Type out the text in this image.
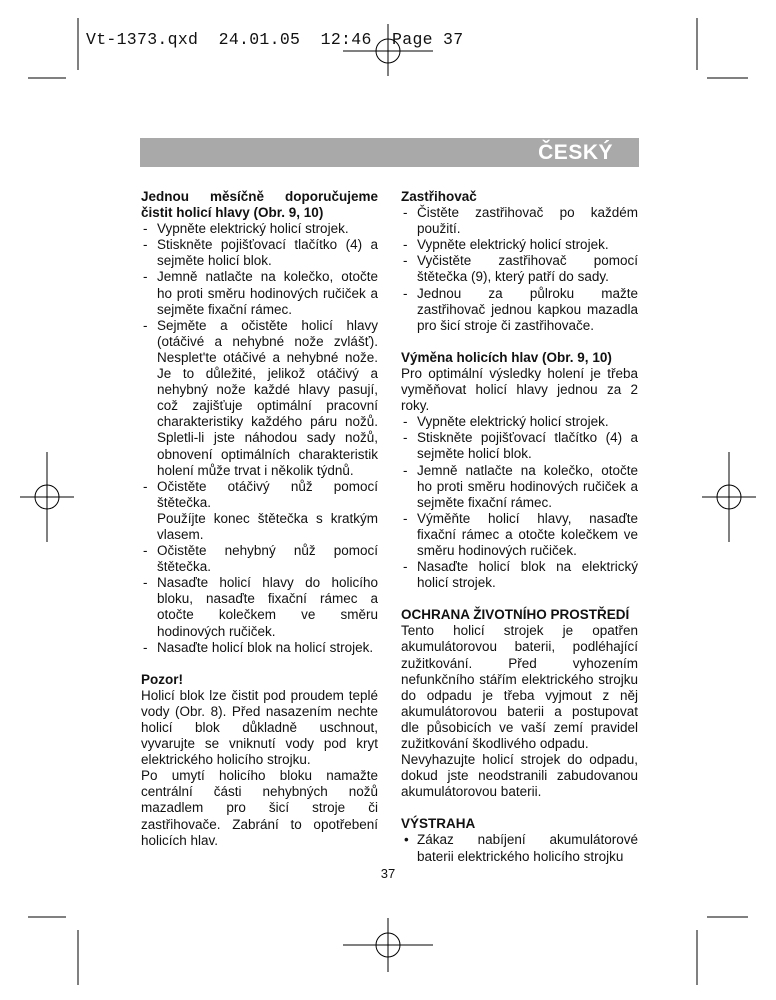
Vt-1373.qxd  24.01.05  12:46  Page 37
ČESKÝ
Jednou měsíčně doporučujeme čistit holicí hlavy (Obr. 9, 10)
- Vypněte elektrický holicí strojek.
- Stiskněte pojišťovací tlačítko (4) a sejměte holicí blok.
- Jemně natlačte na kolečko, otočte ho proti směru hodinových ručiček a sejměte fixační rámec.
- Sejměte a očistěte holicí hlavy (otáčivé a nehybné nože zvlášť). Nesplet'te otáčivé a nehybné nože. Je to důležité, jelikož otáčivý a nehybný nože každé hlavy pasují, což zajišťuje optimální pracovní charakteristiky každého páru nožů. Spletli-li jste náhodou sady nožů, obnovení optimálních charakteristik holení může trvat i několik týdnů.
- Očistěte otáčivý nůž pomocí štětečka.
Použíjte konec štětečka s kratkým vlasem.
- Očistěte nehybný nůž pomocí štětečka.
- Nasaďte holicí hlavy do holicího bloku, nasaďte fixační rámec a otočte kolečkem ve směru hodinových ručiček.
- Nasaďte holicí blok na holicí strojek.
Pozor!
Holicí blok lze čistit pod proudem teplé vody (Obr. 8). Před nasazením nechte holicí blok důkladně uschnout, vyvarujte se vniknutí vody pod kryt elektrického holicího strojku.
Po umytí holicího bloku namažte centrální části nehybných nožů mazadlem pro šicí stroje či zastřihovače. Zabrání to opotřebení holicích hlav.
Zastřihovač
- Čistěte zastřihovač po každém použití.
- Vypněte elektrický holicí strojek.
- Vyčistěte zastřihovač pomocí štětečka (9), který patří do sady.
- Jednou za půlroku mažte zastřihovač jednou kapkou mazadla pro šicí stroje či zastřihovače.
Výměna holicích hlav (Obr. 9, 10)
Pro optimální výsledky holení je třeba vyměňovat holicí hlavy jednou za 2 roky.
- Vypněte elektrický holicí strojek.
- Stiskněte pojišťovací tlačítko (4) a sejměte holicí blok.
- Jemně natlačte na kolečko, otočte ho proti směru hodinových ručiček a sejměte fixační rámec.
- Výměňte holicí hlavy, nasaďte fixační rámec a otočte kolečkem ve směru hodinových ručiček.
- Nasaďte holicí blok na elektrický holicí strojek.
OCHRANA ŽIVOTNÍHO PROSTŘEDÍ
Tento holicí strojek je opatřen akumulátorovou baterii, podléhající zužitkování. Před vyhozením nefunkčního stářím elektrického strojku do odpadu je třeba vyjmout z něj akumulátorovou baterii a postupovat dle působicích ve vaší zemí pravidel zužitkování škodlivého odpadu.
Nevyhazujte holicí strojek do odpadu, dokud jste neodstranili zabudovanou akumulátorovou baterii.
VÝSTRAHA
• Zákaz nabíjení akumulátorové baterii elektrického holicího strojku
37
